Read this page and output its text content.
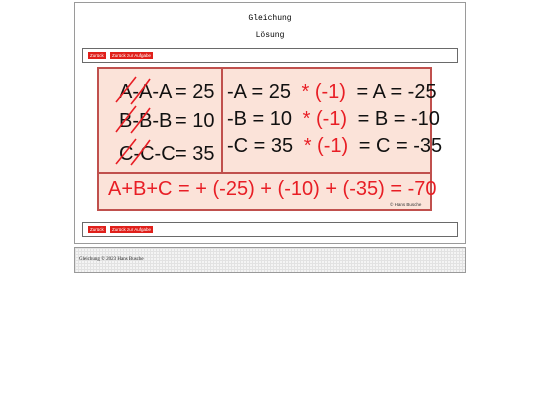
Gleichung
Lösung
Zurück	Zurück zur Aufgabe
A-A-A = 25
B-B-B = 10
C-C-C = 35
-A = 25 * (-1) = A = -25
-B = 10 * (-1) = B = -10
-C = 35 * (-1) = C = -35
A+B+C = + (-25) + (-10) + (-35) = -70
© Hans Busche
Zurück	Zurück zur Aufgabe
Gleichung © 2023 Hans Busche
